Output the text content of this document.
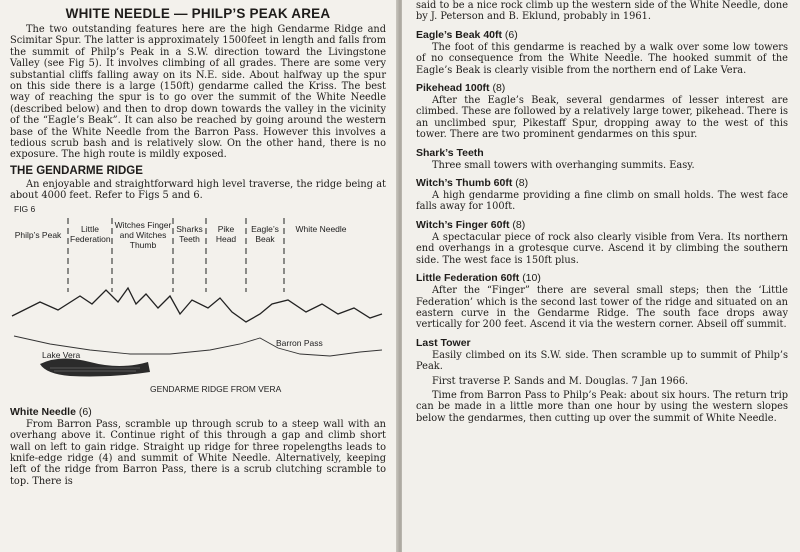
WHITE NEEDLE — PHILP’S PEAK AREA

The two outstanding features here are the high Gendarme Ridge and Scimitar Spur. The latter is approximately 1500feet in length and falls from the summit of Philp’s Peak in a S.W. direction toward the Livingstone Valley (see Fig 5). It involves climbing of all grades. There are some very substantial cliffs falling away on its N.E. side. About halfway up the spur on this side there is a large (150ft) gendarme called the Kriss. The best way of reaching the spur is to go over the summit of the White Needle (described below) and then to drop down towards the valley in the vicinity of the “Eagle’s Beak”. It can also be reached by going around the western base of the White Needle from the Barron Pass. However this involves a tedious scrub bash and is relatively slow. On the other hand, there is no exposure. The high route is mildly exposed.

THE GENDARME RIDGE

An enjoyable and straightforward high level traverse, the ridge being at about 4000 feet. Refer to Figs 5 and 6.

FIG 6
Philp’s Peak
Little Federation
Witches Finger and Witches Thumb
Sharks Teeth
Pike Head
Eagle’s Beak
White Needle
Lake Vera
Barron Pass
GENDARME RIDGE FROM VERA
White Needle (6)

From Barron Pass, scramble up through scrub to a steep wall with an overhang above it. Continue right of this through a gap and climb short wall on left to gain ridge. Straight up ridge for three ropelengths leads to knife-edge ridge (4) and summit of White Needle. Alternatively, keeping left of the ridge from Barron Pass, there is a scrub clutching scramble to top. There is

said to be a nice rock climb up the western side of the White Needle, done by J. Peterson and B. Eklund, probably in 1961.

Eagle’s Beak 40ft (6)

The foot of this gendarme is reached by a walk over some low towers of no consequence from the White Needle. The hooked summit of the Eagle’s Beak is clearly visible from the northern end of Lake Vera.

Pikehead 100ft (8)

After the Eagle’s Beak, several gendarmes of lesser interest are climbed. These are followed by a relatively large tower, pikehead. There is an unclimbed spur, Pikestaff Spur, dropping away to the west of this tower. There are two prominent gendarmes on this spur.

Shark’s Teeth

Three small towers with overhanging summits. Easy.

Witch’s Thumb 60ft (8)

A high gendarme providing a fine climb on small holds. The west face falls away for 100ft.

Witch’s Finger 60ft (8)

A spectacular piece of rock also clearly visible from Vera. Its northern end overhangs in a grotesque curve. Ascend it by climbing the southern side. The west face is 150ft plus.

Little Federation 60ft (10)

After the “Finger” there are several small steps; then the ‘Little Federation’ which is the second last tower of the ridge and situated on an eastern curve in the Gendarme Ridge. The south face drops away vertically for 200 feet. Ascend it via the western corner. Abseil off summit.

Last Tower

Easily climbed on its S.W. side. Then scramble up to summit of Philp’s Peak.

First traverse P. Sands and M. Douglas. 7 Jan 1966.

Time from Barron Pass to Philp’s Peak: about six hours. The return trip can be made in a little more than one hour by using the western slopes below the gendarmes, then cutting up over the summit of White Needle.
